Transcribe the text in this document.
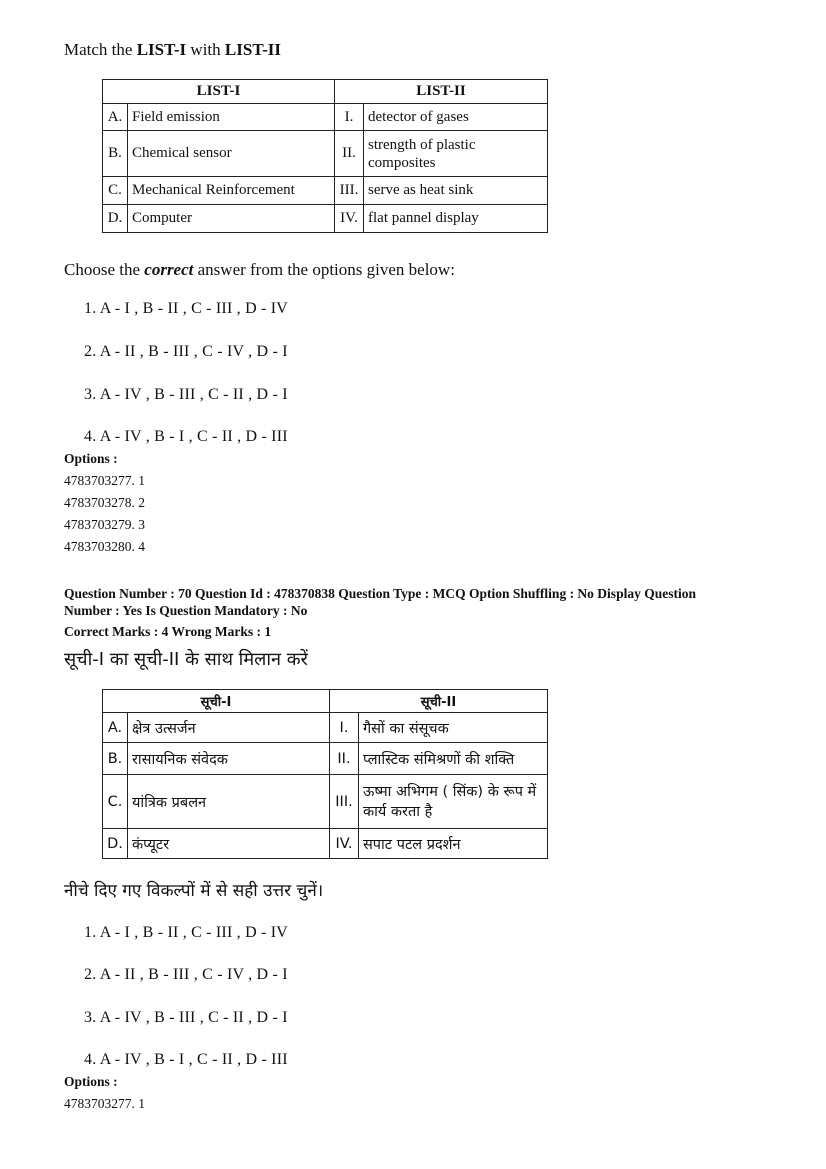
Match the LIST-I with LIST-II
LIST-I		LIST-II	
A.	Field emission	I.	detector of gases
B.	Chemical sensor	II.	strength of plastic composites
C.	Mechanical Reinforcement	III.	serve as heat sink
D.	Computer	IV.	flat pannel display
Choose the correct answer from the options given below:
1. A - I , B - II , C - III , D - IV
2. A - II , B - III , C - IV , D - I
3. A - IV , B - III , C - II , D - I
4. A - IV , B - I , C - II , D - III
Options :
4783703277. 1
4783703278. 2
4783703279. 3
4783703280. 4
Question Number : 70 Question Id : 478370838 Question Type : MCQ Option Shuffling : No Display Question
Number : Yes Is Question Mandatory : No
Correct Marks : 4 Wrong Marks : 1
सूची-I का सूची-II के साथ मिलान करें
सूची-I		सूची-II	
A.	क्षेत्र उत्सर्जन	I.	गैसों का संसूचक
B.	रासायनिक संवेदक	II.	प्लास्टिक संमिश्रणों की शक्ति
C.	यांत्रिक प्रबलन	III.	ऊष्मा अभिगम ( सिंक) के रूप में कार्य करता है
D.	कंप्यूटर	IV.	सपाट पटल प्रदर्शन
नीचे दिए गए विकल्पों में से सही उत्तर चुनें।
1. A - I , B - II , C - III , D - IV
2. A - II , B - III , C - IV , D - I
3. A - IV , B - III , C - II , D - I
4. A - IV , B - I , C - II , D - III
Options :
4783703277. 1
